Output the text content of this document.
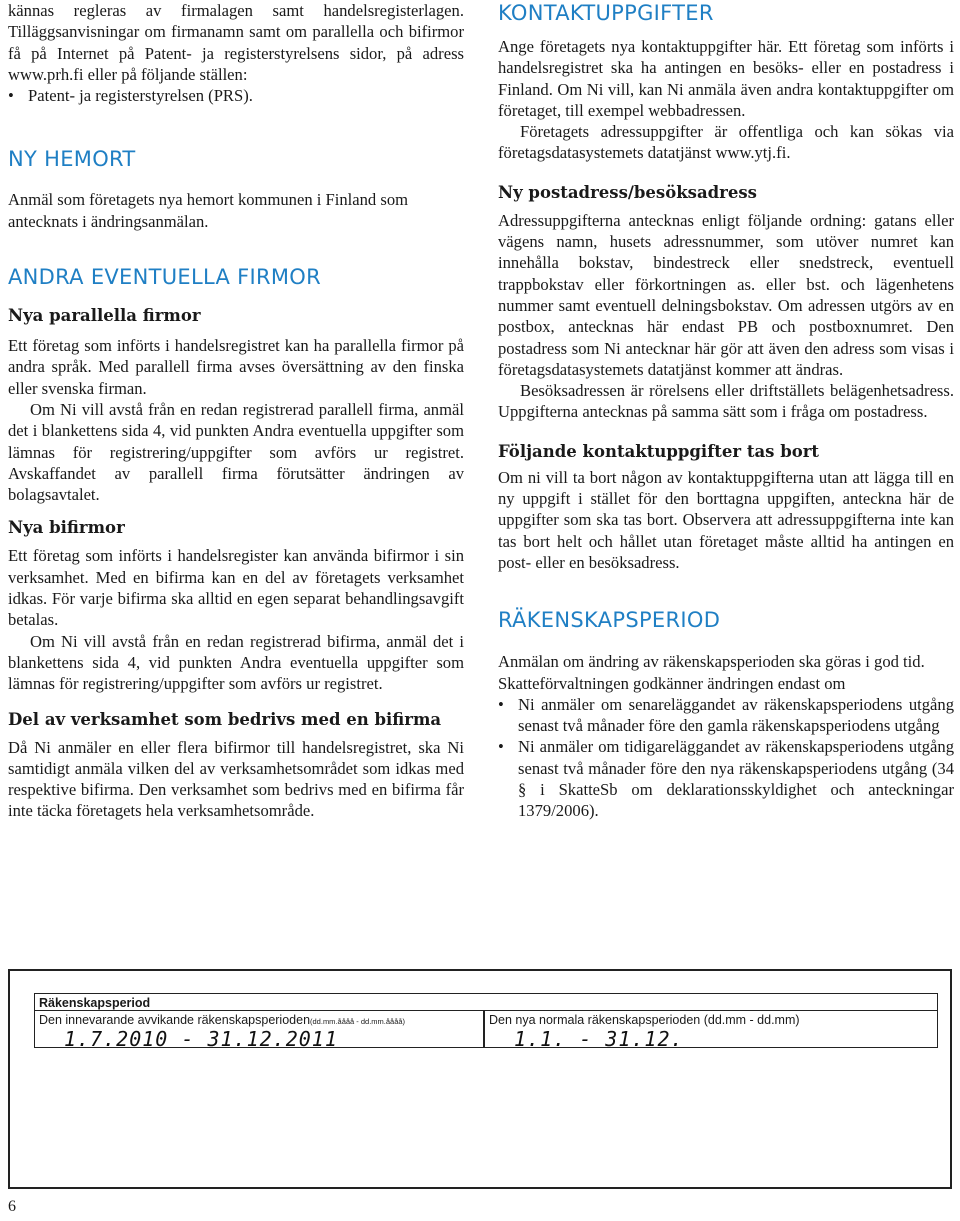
kännas regleras av firmalagen samt handelsregisterlagen. Tilläggsanvisningar om firmanamn samt om parallella och bifirmor få på Internet på Patent- ja registerstyrelsens sidor, på adress www.prh.fi eller på följande ställen:

• Patent- ja registerstyrelsen (PRS).
NY HEMORT

Anmäl som företagets nya hemort kommunen i Finland som antecknats i ändringsanmälan.

ANDRA EVENTUELLA FIRMOR
Nya parallella firmor

Ett företag som införts i handelsregistret kan ha parallella firmor på andra språk. Med parallell firma avses översättning av den finska eller svenska firman.

Om Ni vill avstå från en redan registrerad parallell firma, anmäl det i blankettens sida 4, vid punkten Andra eventuella uppgifter som lämnas för registrering/uppgifter som avförs ur registret. Avskaffandet av parallell firma förutsätter ändringen av bolagsavtalet.

Nya bifirmor

Ett företag som införts i handelsregister kan använda bifirmor i sin verksamhet. Med en bifirma kan en del av företagets verksamhet idkas. För varje bifirma ska alltid en egen separat behandlingsavgift betalas.

Om Ni vill avstå från en redan registrerad bifirma, anmäl det i blankettens sida 4, vid punkten Andra eventuella uppgifter som lämnas för registrering/uppgifter som avförs ur registret.

Del av verksamhet som bedrivs med en bifirma

Då Ni anmäler en eller flera bifirmor till handelsregistret, ska Ni samtidigt anmäla vilken del av verksamhetsområdet som idkas med respektive bifirma. Den verksamhet som bedrivs med en bifirma får inte täcka företagets hela verksamhetsområde.

KONTAKTUPPGIFTER

Ange företagets nya kontaktuppgifter här. Ett företag som införts i handelsregistret ska ha antingen en besöks- eller en postadress i Finland. Om Ni vill, kan Ni anmäla även andra kontaktuppgifter om företaget, till exempel webbadressen.

Företagets adressuppgifter är offentliga och kan sökas via företagsdatasystemets datatjänst www.ytj.fi.

Ny postadress/besöksadress

Adressuppgifterna antecknas enligt följande ordning: gatans eller vägens namn, husets adressnummer, som utöver numret kan innehålla bokstav, bindestreck eller snedstreck, eventuell trappbokstav eller förkortningen as. eller bst. och lägenhetens nummer samt eventuell delningsbokstav. Om adressen utgörs av en postbox, antecknas här endast PB och postboxnumret. Den postadress som Ni antecknar här gör att även den adress som visas i företagsdatasystemets datatjänst kommer att ändras.

Besöksadressen är rörelsens eller driftställets belägenhetsadress. Uppgifterna antecknas på samma sätt som i fråga om postadress.

Följande kontaktuppgifter tas bort

Om ni vill ta bort någon av kontaktuppgifterna utan att lägga till en ny uppgift i stället för den borttagna uppgiften, anteckna här de uppgifter som ska tas bort. Observera att adressuppgifterna inte kan tas bort helt och hållet utan företaget måste alltid ha antingen en post- eller en besöksadress.

RÄKENSKAPSPERIOD

Anmälan om ändring av räkenskapsperioden ska göras i god tid. Skatteförvaltningen godkänner ändringen endast om

• Ni anmäler om senareläggandet av räkenskapsperiodens utgång senast två månader före den gamla räkenskapsperiodens utgång
• Ni anmäler om tidigareläggandet av räkenskapsperiodens utgång senast två månader före den nya räkenskapsperiodens utgång (34 § i SkatteSb om deklarationsskyldighet och anteckningar 1379/2006).
Räkenskapsperiod
Den innevarande avvikande räkenskapsperioden(dd.mm.åååå - dd.mm.åååå)	Den nya normala räkenskapsperioden (dd.mm - dd.mm)
1.7.2010 - 31.12.2011	1.1. - 31.12.
6
